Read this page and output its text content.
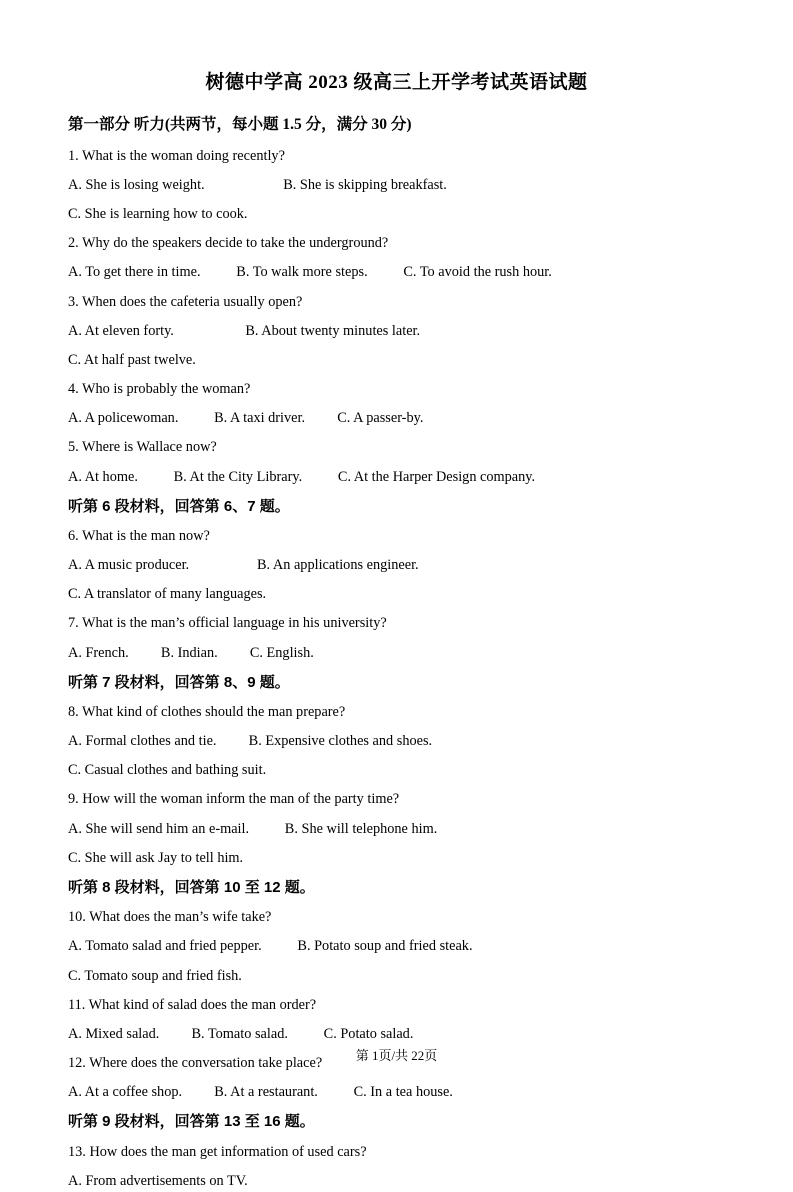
树德中学高 2023 级高三上开学考试英语试题
第一部分 听力(共两节，每小题 1.5 分，满分 30 分)
1. What is the woman doing recently?
A. She is losing weight.                      B. She is skipping breakfast.
C. She is learning how to cook.
2. Why do the speakers decide to take the underground?
A. To get there in time.          B. To walk more steps.          C. To avoid the rush hour.
3. When does the cafeteria usually open?
A. At eleven forty.                    B. About twenty minutes later.
C. At half past twelve.
4. Who is probably the woman?
A. A policewoman.          B. A taxi driver.         C. A passer-by.
5. Where is Wallace now?
A. At home.          B. At the City Library.          C. At the Harper Design company.
听第 6 段材料，回答第 6、7 题。
6. What is the man now?
A. A music producer.                   B. An applications engineer.
C. A translator of many languages.
7. What is the man’s official language in his university?
A. French.         B. Indian.         C. English.
听第 7 段材料，回答第 8、9 题。
8. What kind of clothes should the man prepare?
A. Formal clothes and tie.         B. Expensive clothes and shoes.
C. Casual clothes and bathing suit.
9. How will the woman inform the man of the party time?
A. She will send him an e-mail.          B. She will telephone him.
C. She will ask Jay to tell him.
听第 8 段材料，回答第 10 至 12 题。
10. What does the man’s wife take?
A. Tomato salad and fried pepper.          B. Potato soup and fried steak.
C. Tomato soup and fried fish.
11. What kind of salad does the man order?
A. Mixed salad.         B. Tomato salad.          C. Potato salad.
12. Where does the conversation take place?
A. At a coffee shop.         B. At a restaurant.          C. In a tea house.
听第 9 段材料，回答第 13 至 16 题。
13. How does the man get information of used cars?
A. From advertisements on TV.
第 1页/共 22页
